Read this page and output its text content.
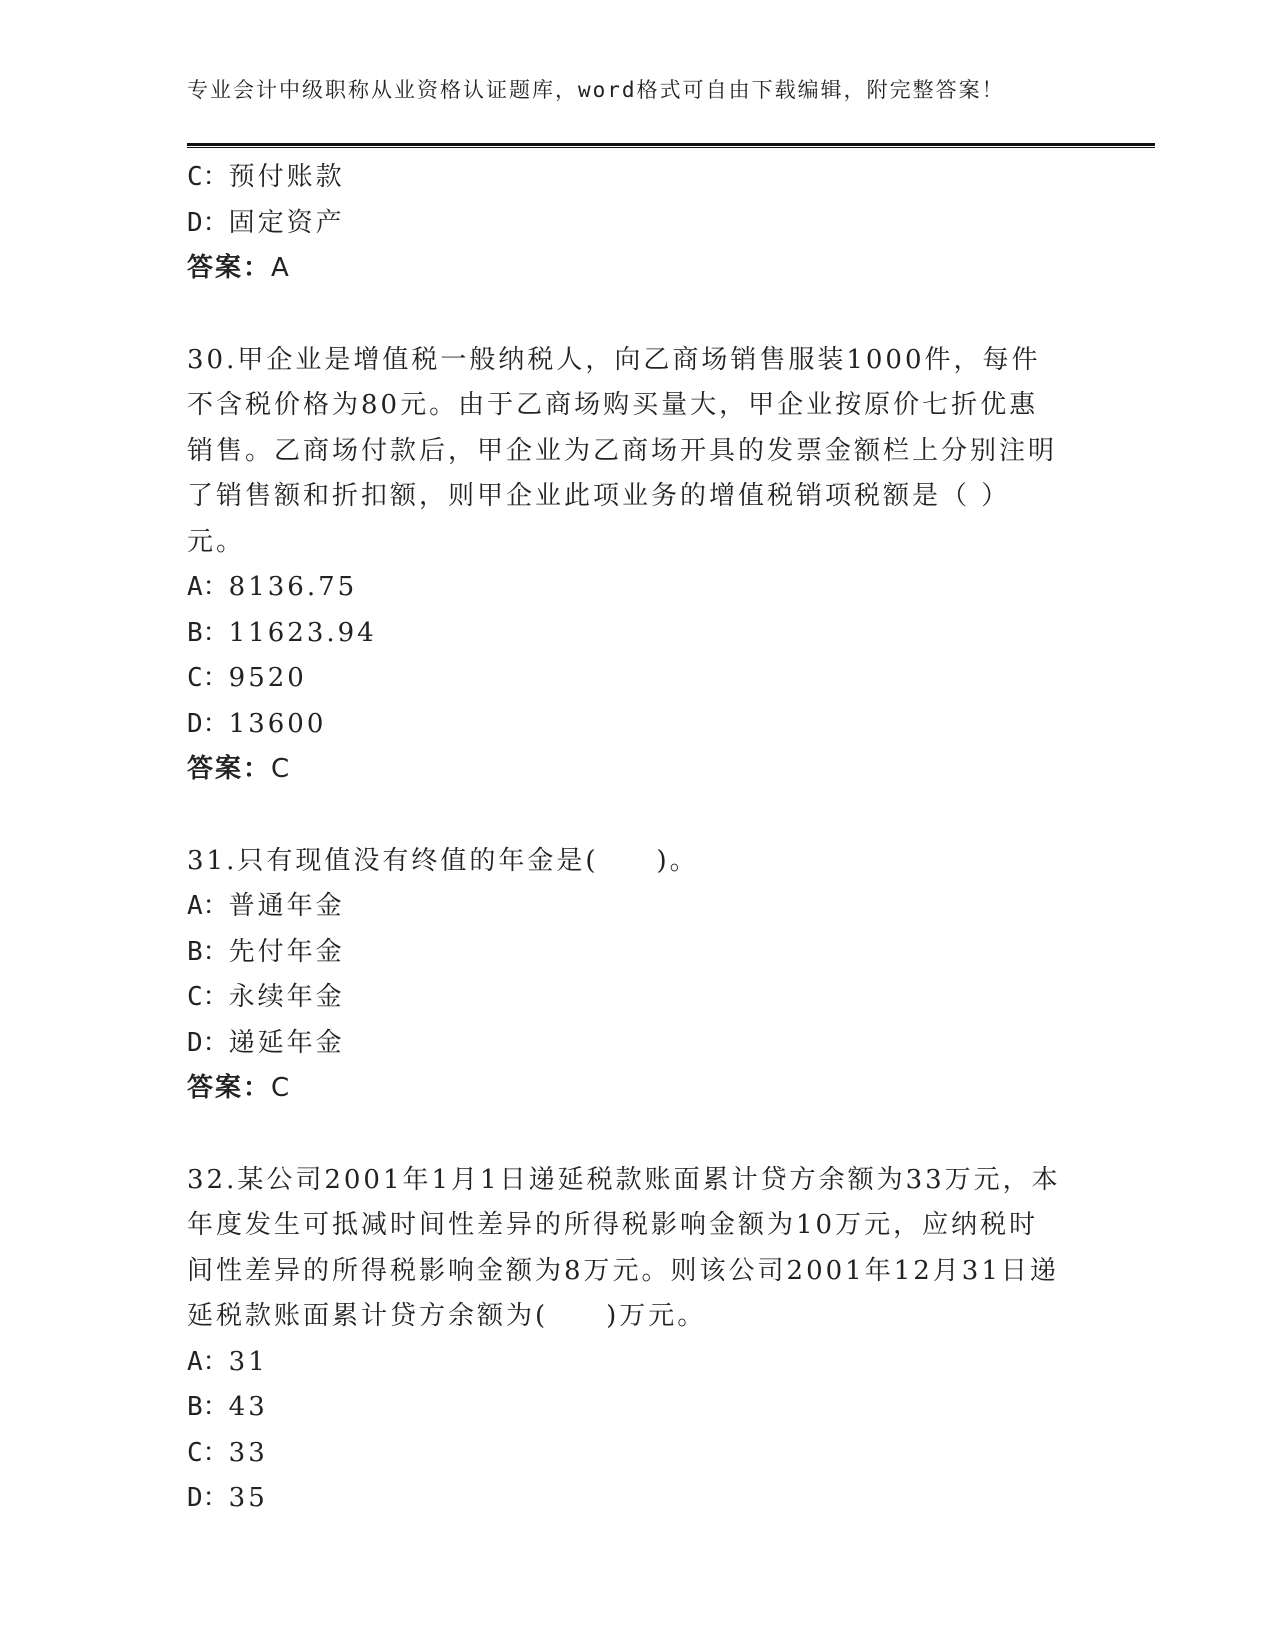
专业会计中级职称从业资格认证题库，word格式可自由下载编辑，附完整答案！
C：预付账款
D：固定资产
答案：A
30.甲企业是增值税一般纳税人，向乙商场销售服装1000件，每件不含税价格为80元。由于乙商场购买量大，甲企业按原价七折优惠销售。乙商场付款后，甲企业为乙商场开具的发票金额栏上分别注明了销售额和折扣额，则甲企业此项业务的增值税销项税额是（ ）元。
A：8136.75
B：11623.94
C：9520
D：13600
答案：C
31.只有现值没有终值的年金是(　　)。
A：普通年金
B：先付年金
C：永续年金
D：递延年金
答案：C
32.某公司2001年1月1日递延税款账面累计贷方余额为33万元，本年度发生可抵减时间性差异的所得税影响金额为10万元，应纳税时间性差异的所得税影响金额为8万元。则该公司2001年12月31日递延税款账面累计贷方余额为(　　)万元。
A：31
B：43
C：33
D：35
